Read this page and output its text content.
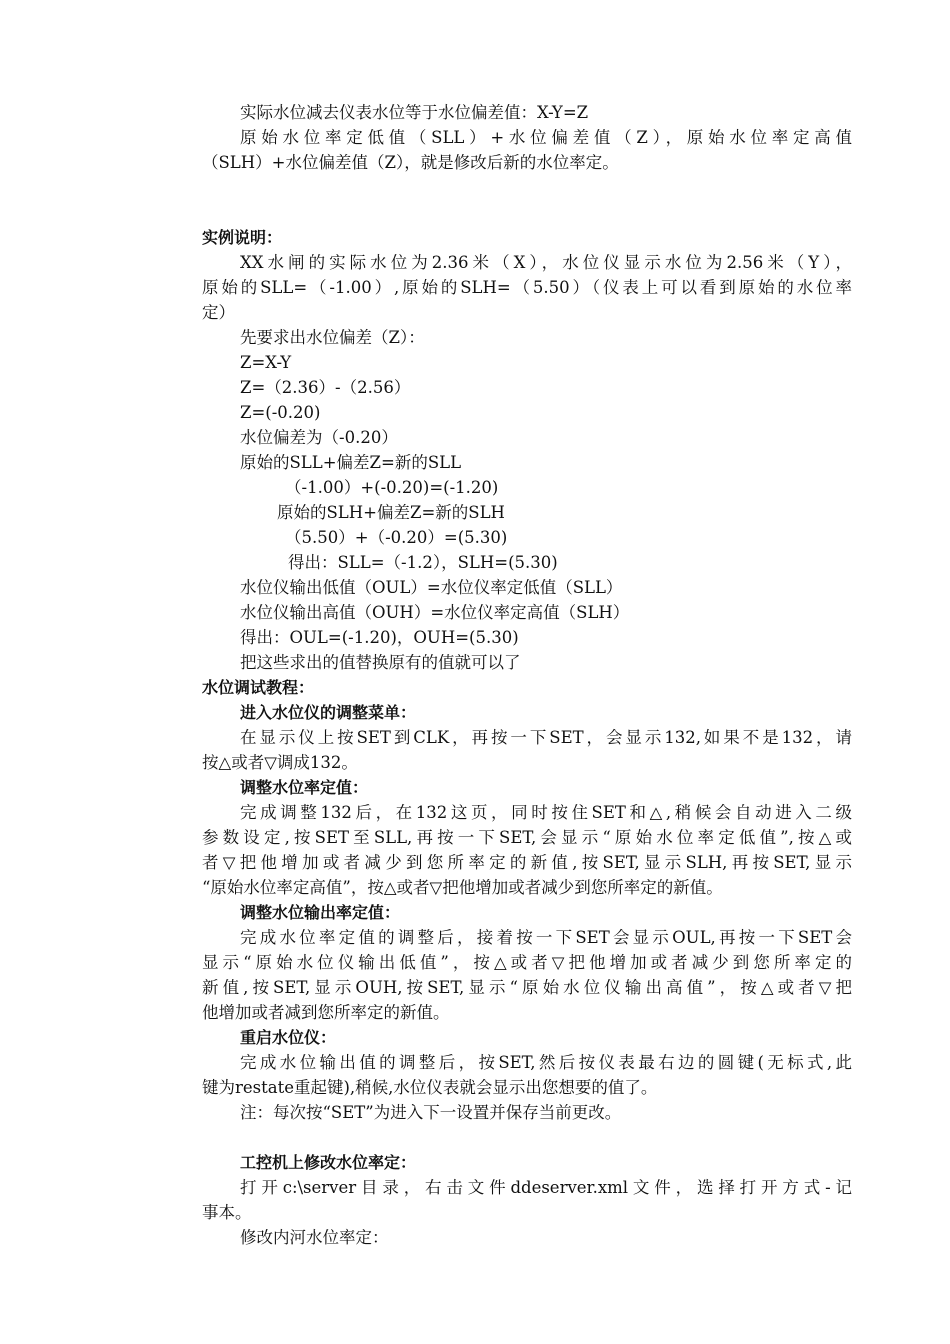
实际水位减去仪表水位等于水位偏差值：X-Y=Z
原始水位率定低值（SLL）+水位偏差值（Z），原始水位率定高值
（SLH）+水位偏差值（Z），就是修改后新的水位率定。
实例说明：
XX水闸的实际水位为2.36米（X），水位仪显示水位为2.56米（Y），
原始的SLL=（-1.00）,原始的SLH=（5.50）（仪表上可以看到原始的水位率
定）
先要求出水位偏差（Z）：
Z=X-Y
Z=（2.36）-（2.56）
Z=(-0.20)
水位偏差为（-0.20）
原始的SLL+偏差Z=新的SLL
（-1.00）+(-0.20)=(-1.20)
原始的SLH+偏差Z=新的SLH
（5.50）+（-0.20）=(5.30)
得出：SLL=（-1.2），SLH=(5.30)
水位仪输出低值（OUL）=水位仪率定低值（SLL）
水位仪输出高值（OUH）=水位仪率定高值（SLH）
得出：OUL=(-1.20)，OUH=(5.30)
把这些求出的值替换原有的值就可以了
水位调试教程：
进入水位仪的调整菜单：
在显示仪上按SET到CLK，再按一下SET，会显示132,如果不是132，请
按△或者▽调成132。
调整水位率定值：
完成调整132后，在132这页，同时按住SET和△,稍候会自动进入二级
参数设定,按SET至SLL,再按一下SET,会显示“原始水位率定低值”,按△或
者▽把他增加或者减少到您所率定的新值,按SET,显示SLH,再按SET,显示
“原始水位率定高值”，按△或者▽把他增加或者减少到您所率定的新值。
调整水位输出率定值：
完成水位率定值的调整后，接着按一下SET会显示OUL,再按一下SET会
显示“原始水位仪输出低值”，按△或者▽把他增加或者减少到您所率定的
新值,按SET,显示OUH,按SET,显示“原始水位仪输出高值”，按△或者▽把
他增加或者减到您所率定的新值。
重启水位仪：
完成水位输出值的调整后，按SET,然后按仪表最右边的圆键(无标式,此
键为restate重起键),稍候,水位仪表就会显示出您想要的值了。
注：每次按“SET”为进入下一设置并保存当前更改。
工控机上修改水位率定：
打开c:\server目录，右击文件ddeserver.xml文件，选择打开方式-记
事本。
修改内河水位率定：
